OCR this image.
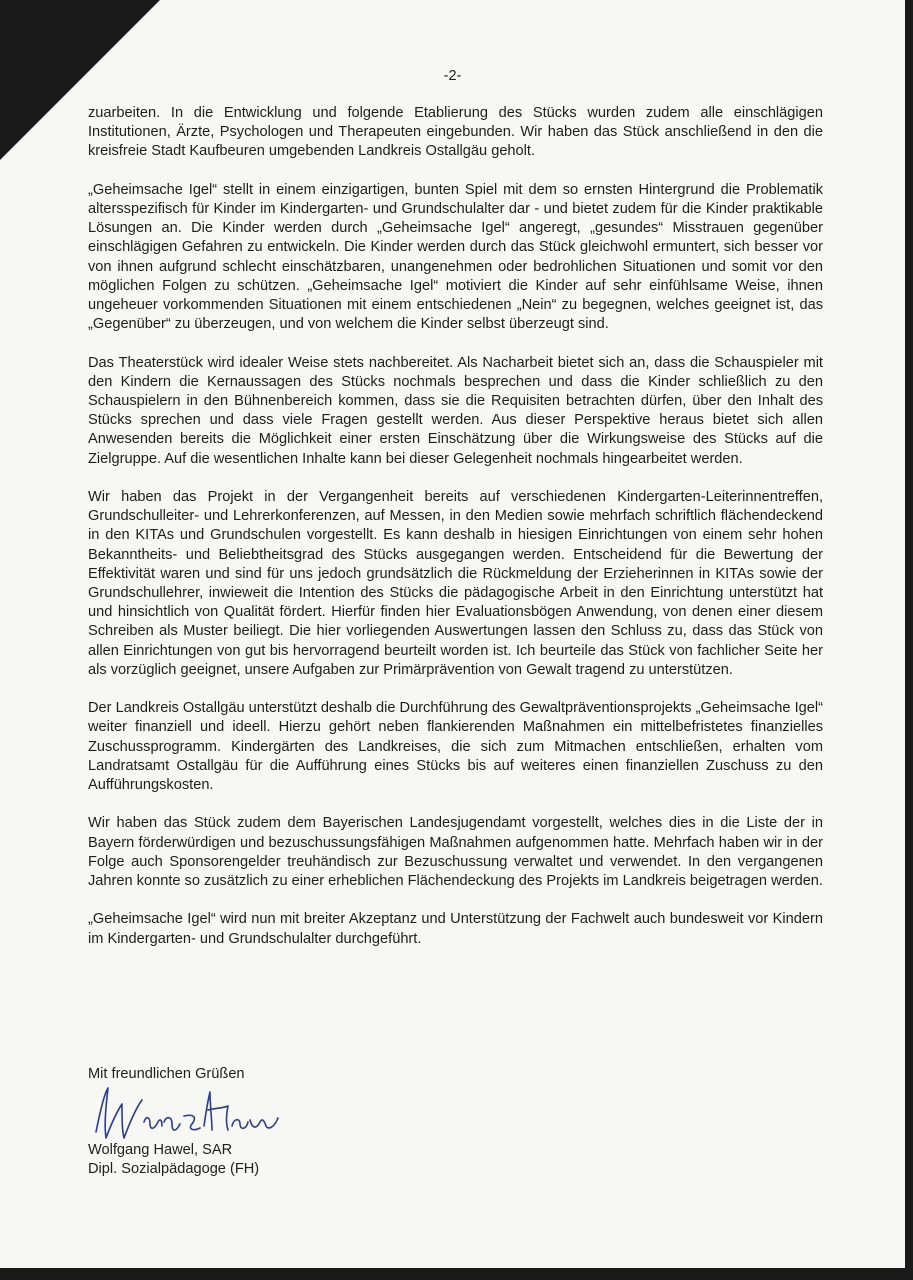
-2-

zuarbeiten. In die Entwicklung und folgende Etablierung des Stücks wurden zudem alle einschlägigen Institutionen, Ärzte, Psychologen und Therapeuten eingebunden. Wir haben das Stück anschließend in den die kreisfreie Stadt Kaufbeuren umgebenden Landkreis Ostallgäu geholt.

„Geheimsache Igel“ stellt in einem einzigartigen, bunten Spiel mit dem so ernsten Hintergrund die Problematik altersspezifisch für Kinder im Kindergarten- und Grundschulalter dar - und bietet zudem für die Kinder praktikable Lösungen an. Die Kinder werden durch „Geheimsache Igel“ angeregt, „gesundes“ Misstrauen gegenüber einschlägigen Gefahren zu entwickeln. Die Kinder werden durch das Stück gleichwohl ermuntert, sich besser vor von ihnen aufgrund schlecht einschätzbaren, unangenehmen oder bedrohlichen Situationen und somit vor den möglichen Folgen zu schützen. „Geheimsache Igel“ motiviert die Kinder auf sehr einfühlsame Weise, ihnen ungeheuer vorkommenden Situationen mit einem entschiedenen „Nein“ zu begegnen, welches geeignet ist, das „Gegenüber“ zu überzeugen, und von welchem die Kinder selbst überzeugt sind.

Das Theaterstück wird idealer Weise stets nachbereitet. Als Nacharbeit bietet sich an, dass die Schauspieler mit den Kindern die Kernaussagen des Stücks nochmals besprechen und dass die Kinder schließlich zu den Schauspielern in den Bühnenbereich kommen, dass sie die Requisiten betrachten dürfen, über den Inhalt des Stücks sprechen und dass viele Fragen gestellt werden. Aus dieser Perspektive heraus bietet sich allen Anwesenden bereits die Möglichkeit einer ersten Einschätzung über die Wirkungsweise des Stücks auf die Zielgruppe. Auf die wesentlichen Inhalte kann bei dieser Gelegenheit nochmals hingearbeitet werden.

Wir haben das Projekt in der Vergangenheit bereits auf verschiedenen Kindergarten-Leiterinnentreffen, Grundschulleiter- und Lehrerkonferenzen, auf Messen, in den Medien sowie mehrfach schriftlich flächendeckend in den KITAs und Grundschulen vorgestellt. Es kann deshalb in hiesigen Einrichtungen von einem sehr hohen Bekanntheits- und Beliebtheitsgrad des Stücks ausgegangen werden. Entscheidend für die Bewertung der Effektivität waren und sind für uns jedoch grundsätzlich die Rückmeldung der Erzieherinnen in KITAs sowie der Grundschullehrer, inwieweit die Intention des Stücks die pädagogische Arbeit in den Einrichtung unterstützt hat und hinsichtlich von Qualität fördert. Hierfür finden hier Evaluationsbögen Anwendung, von denen einer diesem Schreiben als Muster beiliegt. Die hier vorliegenden Auswertungen lassen den Schluss zu, dass das Stück von allen Einrichtungen von gut bis hervorragend beurteilt worden ist. Ich beurteile das Stück von fachlicher Seite her als vorzüglich geeignet, unsere Aufgaben zur Primärprävention von Gewalt tragend zu unterstützen.

Der Landkreis Ostallgäu unterstützt deshalb die Durchführung des Gewaltpräventionsprojekts „Geheimsache Igel“ weiter finanziell und ideell. Hierzu gehört neben flankierenden Maßnahmen ein mittelbefristetes finanzielles Zuschussprogramm. Kindergärten des Landkreises, die sich zum Mitmachen entschließen, erhalten vom Landratsamt Ostallgäu für die Aufführung eines Stücks bis auf weiteres einen finanziellen Zuschuss zu den Aufführungskosten.

Wir haben das Stück zudem dem Bayerischen Landesjugendamt vorgestellt, welches dies in die Liste der in Bayern förderwürdigen und bezuschussungsfähigen Maßnahmen aufgenommen hatte. Mehrfach haben wir in der Folge auch Sponsorengelder treuhändisch zur Bezuschussung verwaltet und verwendet. In den vergangenen Jahren konnte so zusätzlich zu einer erheblichen Flächendeckung des Projekts im Landkreis beigetragen werden.

„Geheimsache Igel“ wird nun mit breiter Akzeptanz und Unterstützung der Fachwelt auch bundesweit vor Kindern im Kindergarten- und Grundschulalter durchgeführt.

Mit freundlichen Grüßen
Wolfgang Hawel, SAR
Dipl. Sozialpädagoge (FH)
